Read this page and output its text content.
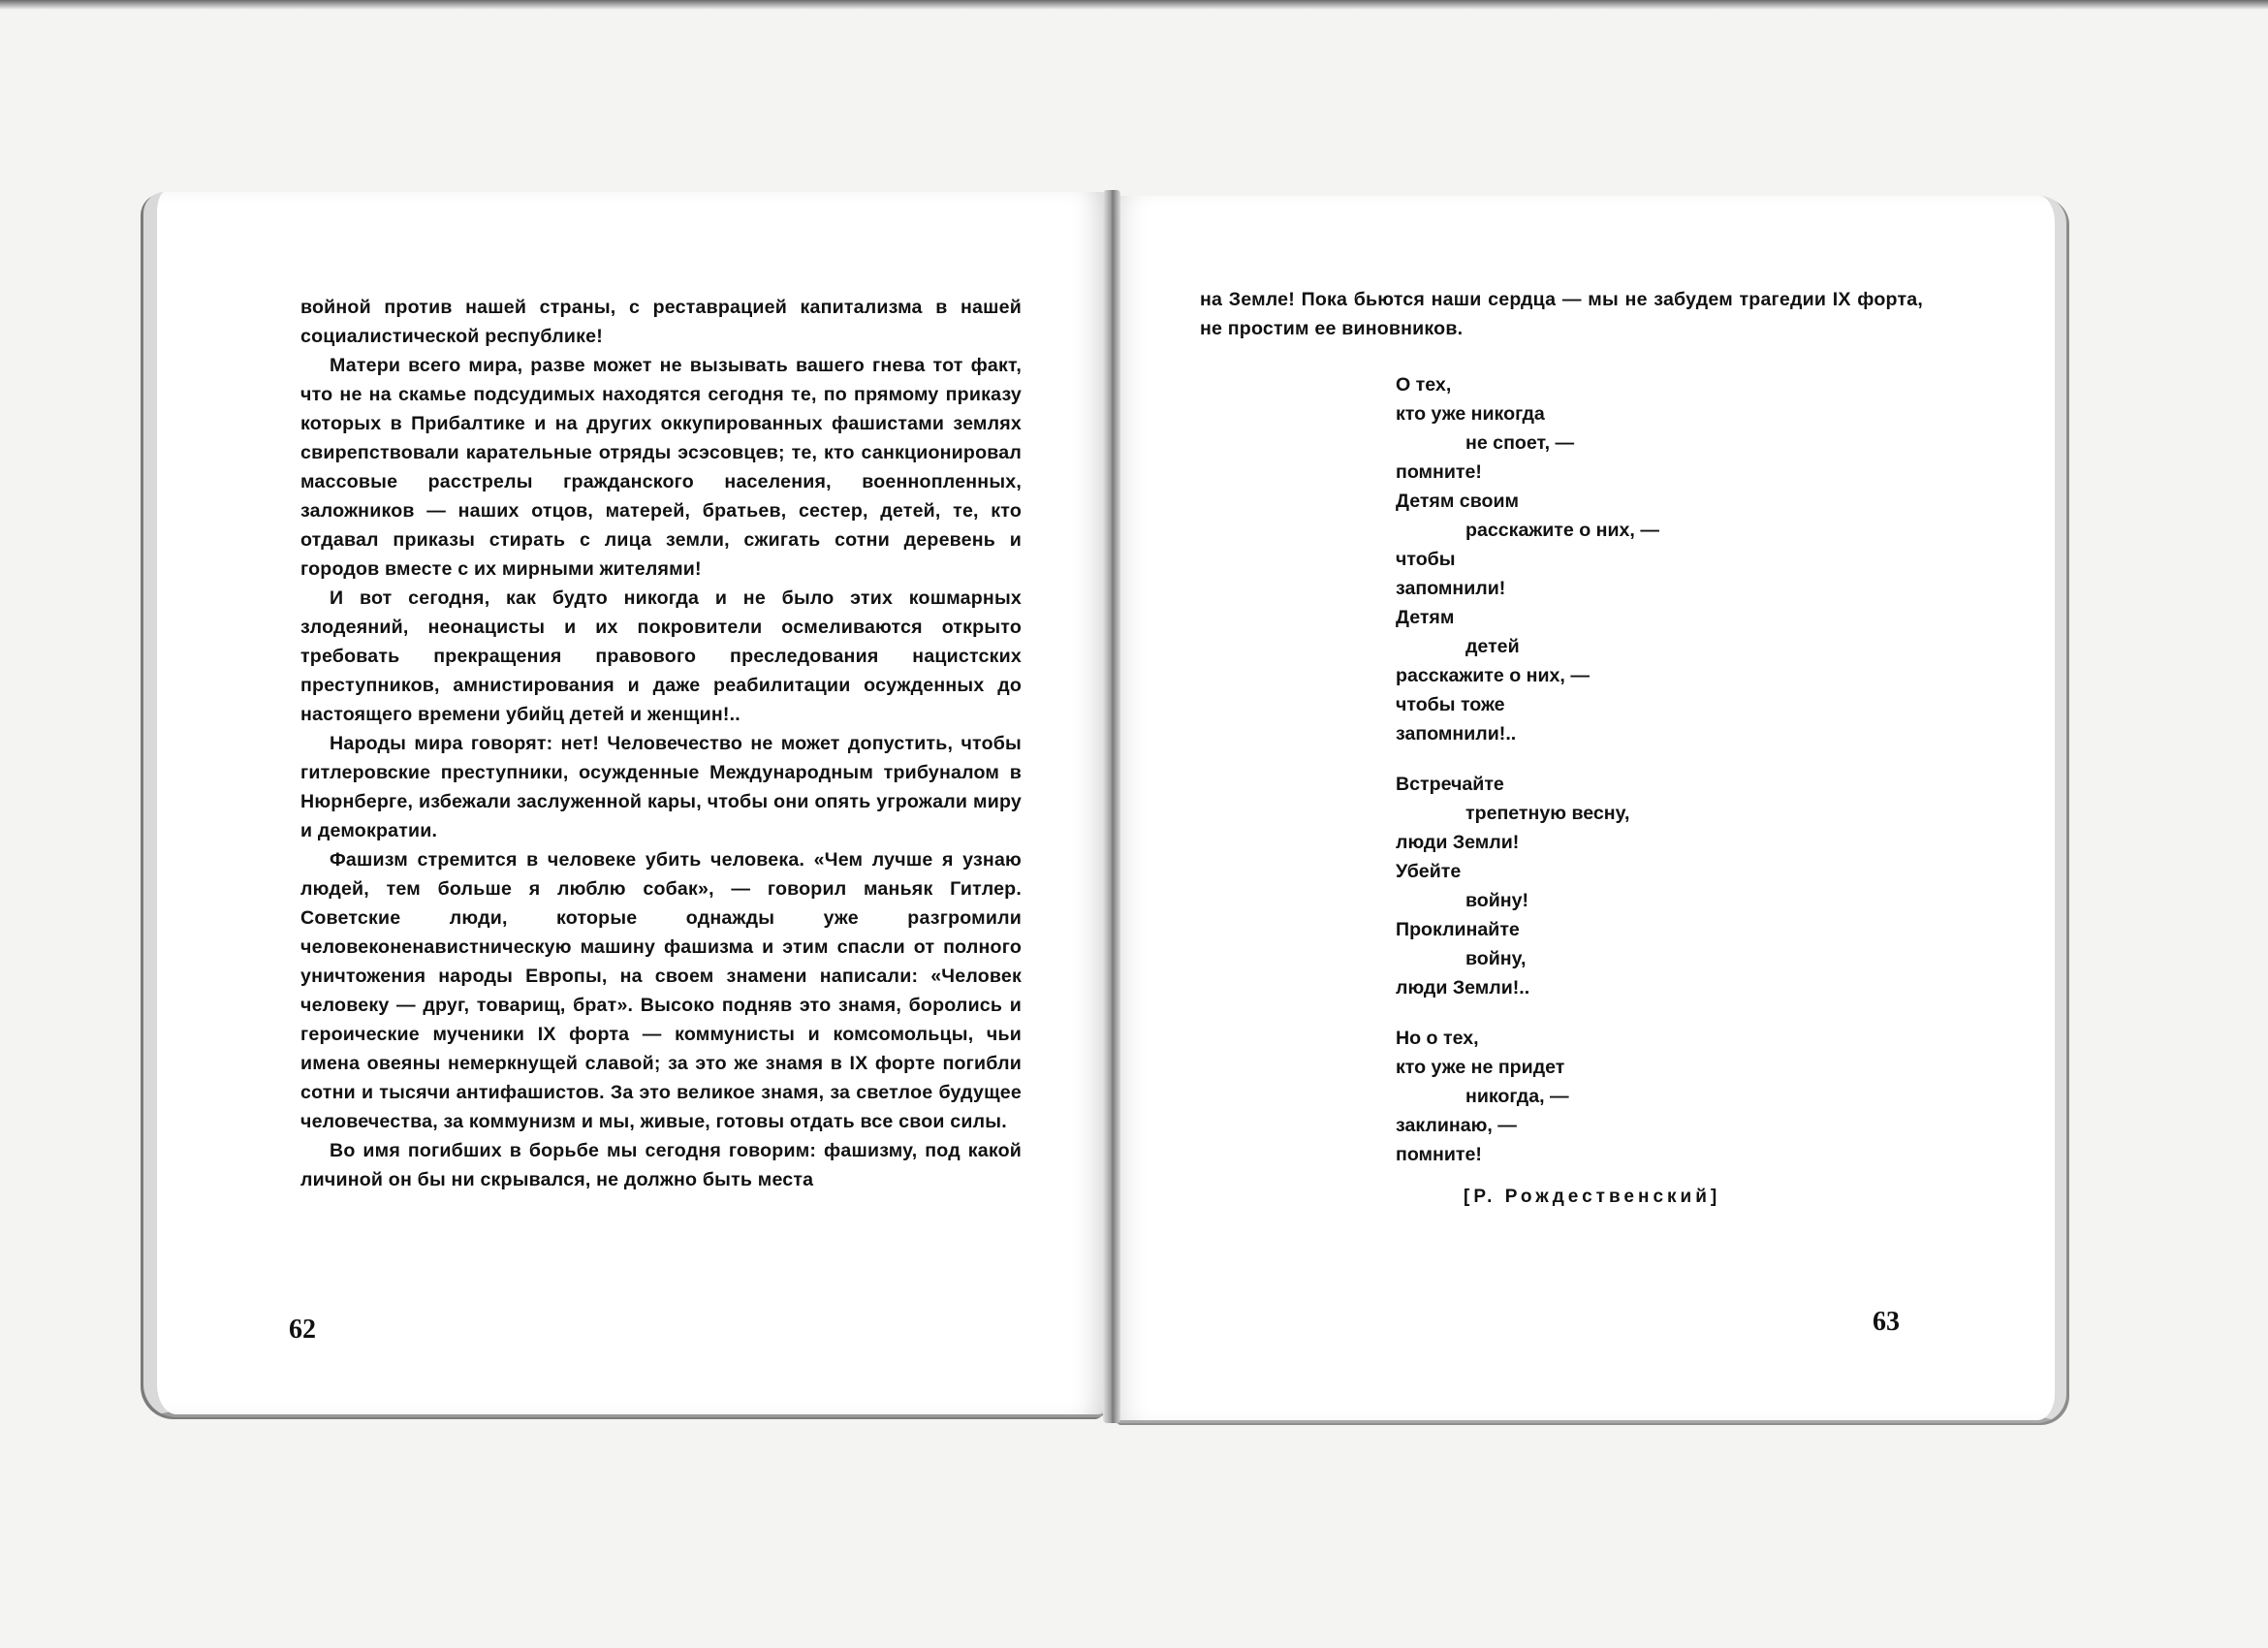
войной против нашей страны, с реставрацией капитализма в нашей социалистической республике!

Матери всего мира, разве может не вызывать вашего гнева тот факт, что не на скамье подсудимых находятся сегодня те, по прямому приказу которых в Прибалтике и на других оккупированных фашистами землях свирепствовали карательные отряды эсэсовцев; те, кто санкционировал массовые расстрелы гражданского населения, военнопленных, заложников — наших отцов, матерей, братьев, сестер, детей, те, кто отдавал приказы стирать с лица земли, сжигать сотни деревень и городов вместе с их мирными жителями!

И вот сегодня, как будто никогда и не было этих кошмарных злодеяний, неонацисты и их покровители осмеливаются открыто требовать прекращения правового преследования нацистских преступников, амнистирования и даже реабилитации осужденных до настоящего времени убийц детей и женщин!..

Народы мира говорят: нет! Человечество не может допустить, чтобы гитлеровские преступники, осужденные Международным трибуналом в Нюрнберге, избежали заслуженной кары, чтобы они опять угрожали миру и демократии.

Фашизм стремится в человеке убить человека. «Чем лучше я узнаю людей, тем больше я люблю собак», — говорил маньяк Гитлер. Советские люди, которые однажды уже разгромили человеконенавистническую машину фашизма и этим спасли от полного уничтожения народы Европы, на своем знамени написали: «Человек человеку — друг, товарищ, брат». Высоко подняв это знамя, боролись и героические мученики IX форта — коммунисты и комсомольцы, чьи имена овеяны немеркнущей славой; за это же знамя в IX форте погибли сотни и тысячи антифашистов. За это великое знамя, за светлое будущее человечества, за коммунизм и мы, живые, готовы отдать все свои силы.

Во имя погибших в борьбе мы сегодня говорим: фашизму, под какой личиной он бы ни скрывался, не должно быть места

62

на Земле! Пока бьются наши сердца — мы не забудем трагедии IX форта, не простим ее виновников.

О тех,
кто уже никогда
не споет, —
помните!
Детям своим
расскажите о них, —
чтобы
запомнили!
Детям
детей
расскажите о них, —
чтобы тоже
запомнили!..
Встречайте
трепетную весну,
люди Земли!
Убейте
войну!
Проклинайте
войну,
люди Земли!..
Но о тех,
кто уже не придет
никогда, —
заклинаю, —
помните!
[Р. Рождественский]
63
